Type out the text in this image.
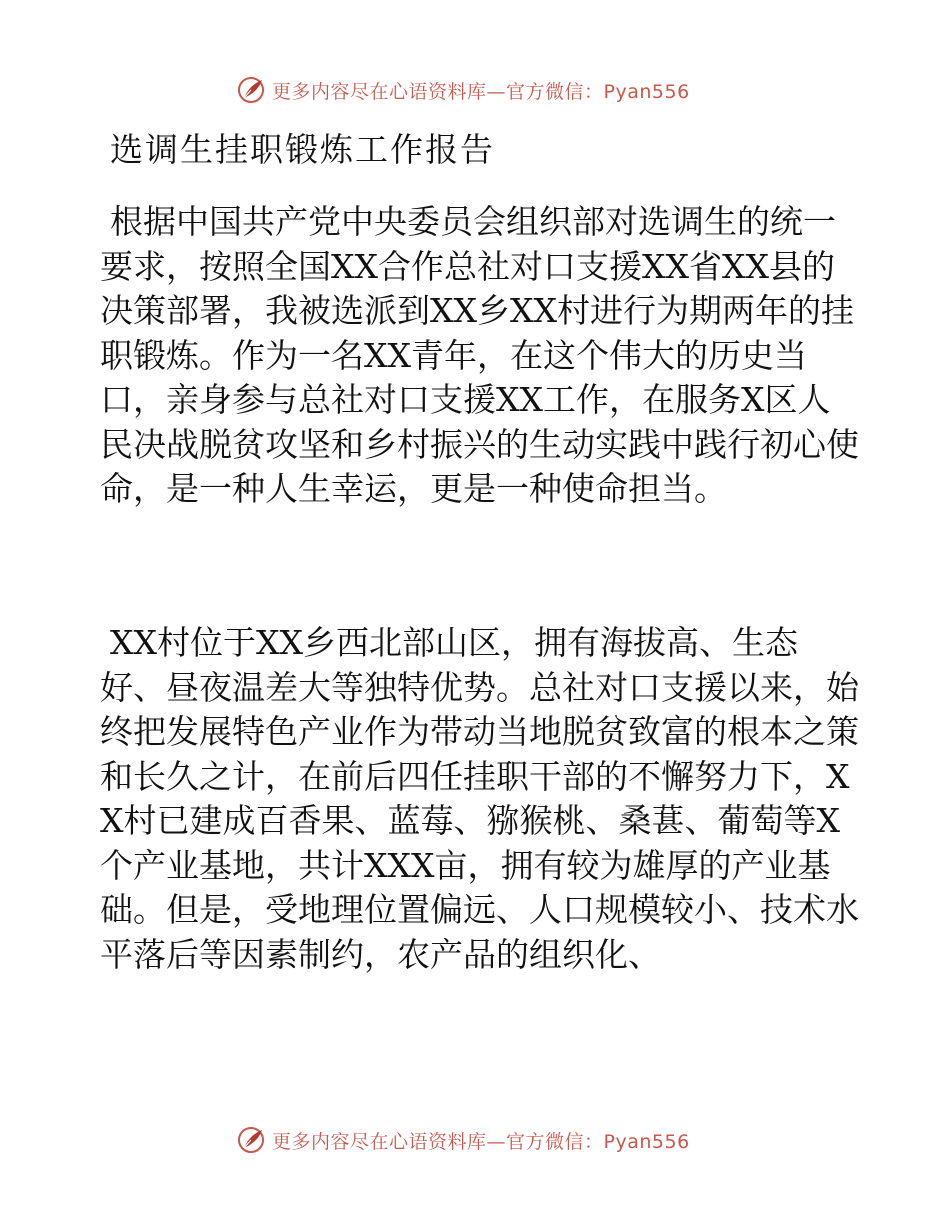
更多内容尽在心语资料库—官方微信：Pyan556
选调生挂职锻炼工作报告

根据中国共产党中央委员会组织部对选调生的统一要求，按照全国XX合作总社对口支援XX省XX县的决策部署，我被选派到XX乡XX村进行为期两年的挂职锻炼。作为一名XX青年，在这个伟大的历史当口，亲身参与总社对口支援XX工作，在服务X区人民决战脱贫攻坚和乡村振兴的生动实践中践行初心使命，是一种人生幸运，更是一种使命担当。

XX村位于XX乡西北部山区，拥有海拔高、生态好、昼夜温差大等独特优势。总社对口支援以来，始终把发展特色产业作为带动当地脱贫致富的根本之策和长久之计，在前后四任挂职干部的不懈努力下，XX村已建成百香果、蓝莓、猕猴桃、桑葚、葡萄等X个产业基地，共计XXX亩，拥有较为雄厚的产业基础。但是，受地理位置偏远、人口规模较小、技术水平落后等因素制约，农产品的组织化、

更多内容尽在心语资料库—官方微信：Pyan556
